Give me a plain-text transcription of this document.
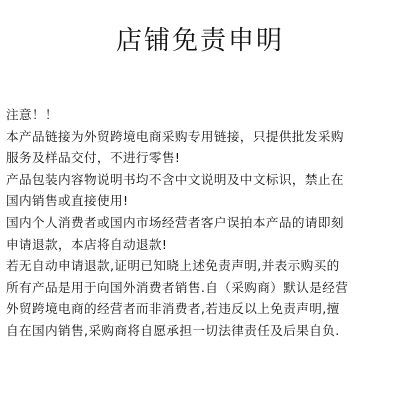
店铺免责申明

注意！！

本产品链接为外贸跨境电商采购专用链接，只提供批发采购

服务及样品交付，不进行零售!

产品包装内容物说明书均不含中文说明及中文标识，禁止在

国内销售或直接使用!

国内个人消费者或国内市场经营者客户误拍本产品的请即刻

申请退款，本店将自动退款!

若无自动申请退款,证明已知晓上述免责声明,并表示购买的

所有产品是用于向国外消费者销售.自（采购商）默认是经营

外贸跨境电商的经营者而非消费者,若违反以上免责声明,擅

自在国内销售,采购商将自愿承担一切法律责任及后果自负.
